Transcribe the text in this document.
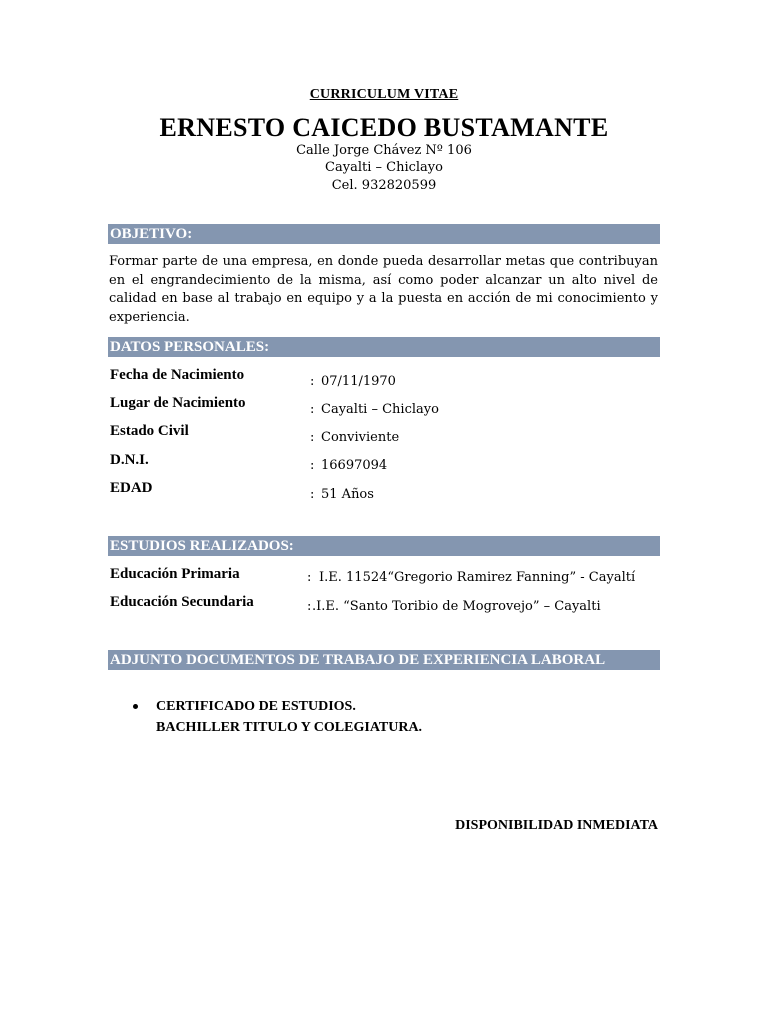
CURRICULUM VITAE
ERNESTO CAICEDO BUSTAMANTE
Calle Jorge Chávez Nº 106
Cayalti – Chiclayo
Cel. 932820599
OBJETIVO:
Formar parte de una empresa, en donde pueda desarrollar metas que contribuyan en el engrandecimiento de la misma, así como poder alcanzar un alto nivel de calidad en base al trabajo en equipo y a la puesta en acción de mi conocimiento y experiencia.
DATOS PERSONALES:
Fecha de Nacimiento	: 07/11/1970
Lugar de Nacimiento	: Cayalti – Chiclayo
Estado Civil	: Conviviente
D.N.I.	: 16697094
EDAD	: 51 Años
ESTUDIOS REALIZADOS:
Educación Primaria	: I.E. 11524“Gregorio Ramirez Fanning” - Cayaltí
Educación Secundaria	: .I.E. “Santo Toribio de Mogrovejo” – Cayalti
ADJUNTO DOCUMENTOS DE TRABAJO DE EXPERIENCIA LABORAL
CERTIFICADO DE ESTUDIOS.
BACHILLER TITULO Y COLEGIATURA.
DISPONIBILIDAD INMEDIATA
